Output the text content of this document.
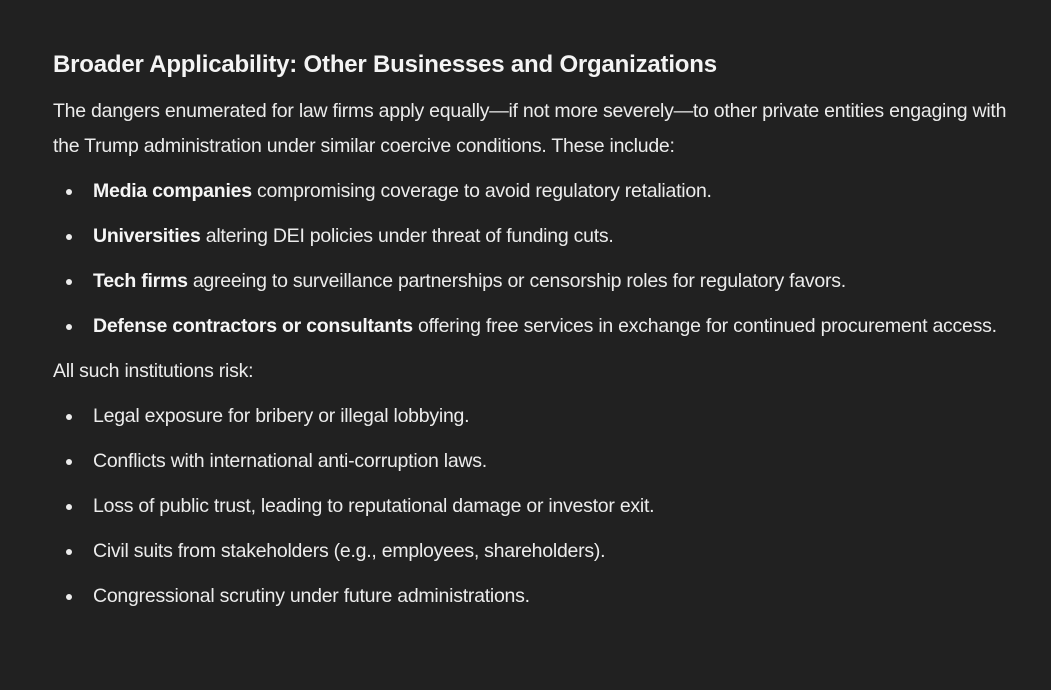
Broader Applicability: Other Businesses and Organizations

The dangers enumerated for law firms apply equally—if not more severely—to other private entities engaging with the Trump administration under similar coercive conditions. These include:

Media companies compromising coverage to avoid regulatory retaliation.
Universities altering DEI policies under threat of funding cuts.
Tech firms agreeing to surveillance partnerships or censorship roles for regulatory favors.
Defense contractors or consultants offering free services in exchange for continued procurement access.

All such institutions risk:

Legal exposure for bribery or illegal lobbying.
Conflicts with international anti-corruption laws.
Loss of public trust, leading to reputational damage or investor exit.
Civil suits from stakeholders (e.g., employees, shareholders).
Congressional scrutiny under future administrations.
